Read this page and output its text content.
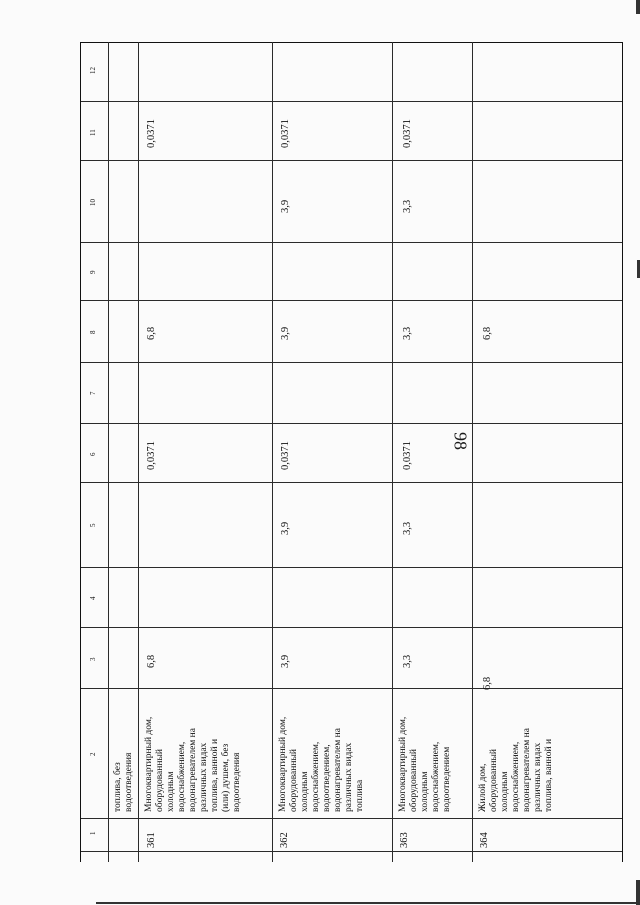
98
1
2
3
4
5
6
7
8
9
10
11
12
топлива, без
водоотведения
361
Многоквартирный дом,
оборудованный
холодным
водоснабжением,
водонагревателем на
различных видах
топлива, ванной и
(или) душем, без
водоотведения
6,8
0,0371
6,8
0,0371
362
Многоквартирный дом,
оборудованный
холодным
водоснабжением,
водоотведением,
водонагревателем на
различных видах
топлива
3,9
3,9
0,0371
3,9
3,9
0,0371
363
Многоквартирный дом,
оборудованный
холодным
водоснабжением,
водоотведением
3,3
3,3
0,0371
3,3
3,3
0,0371
364
Жилой дом,
оборудованный
холодным
водоснабжением,
водонагревателем на
различных видах
топлива, ванной и
6,8
6,8
